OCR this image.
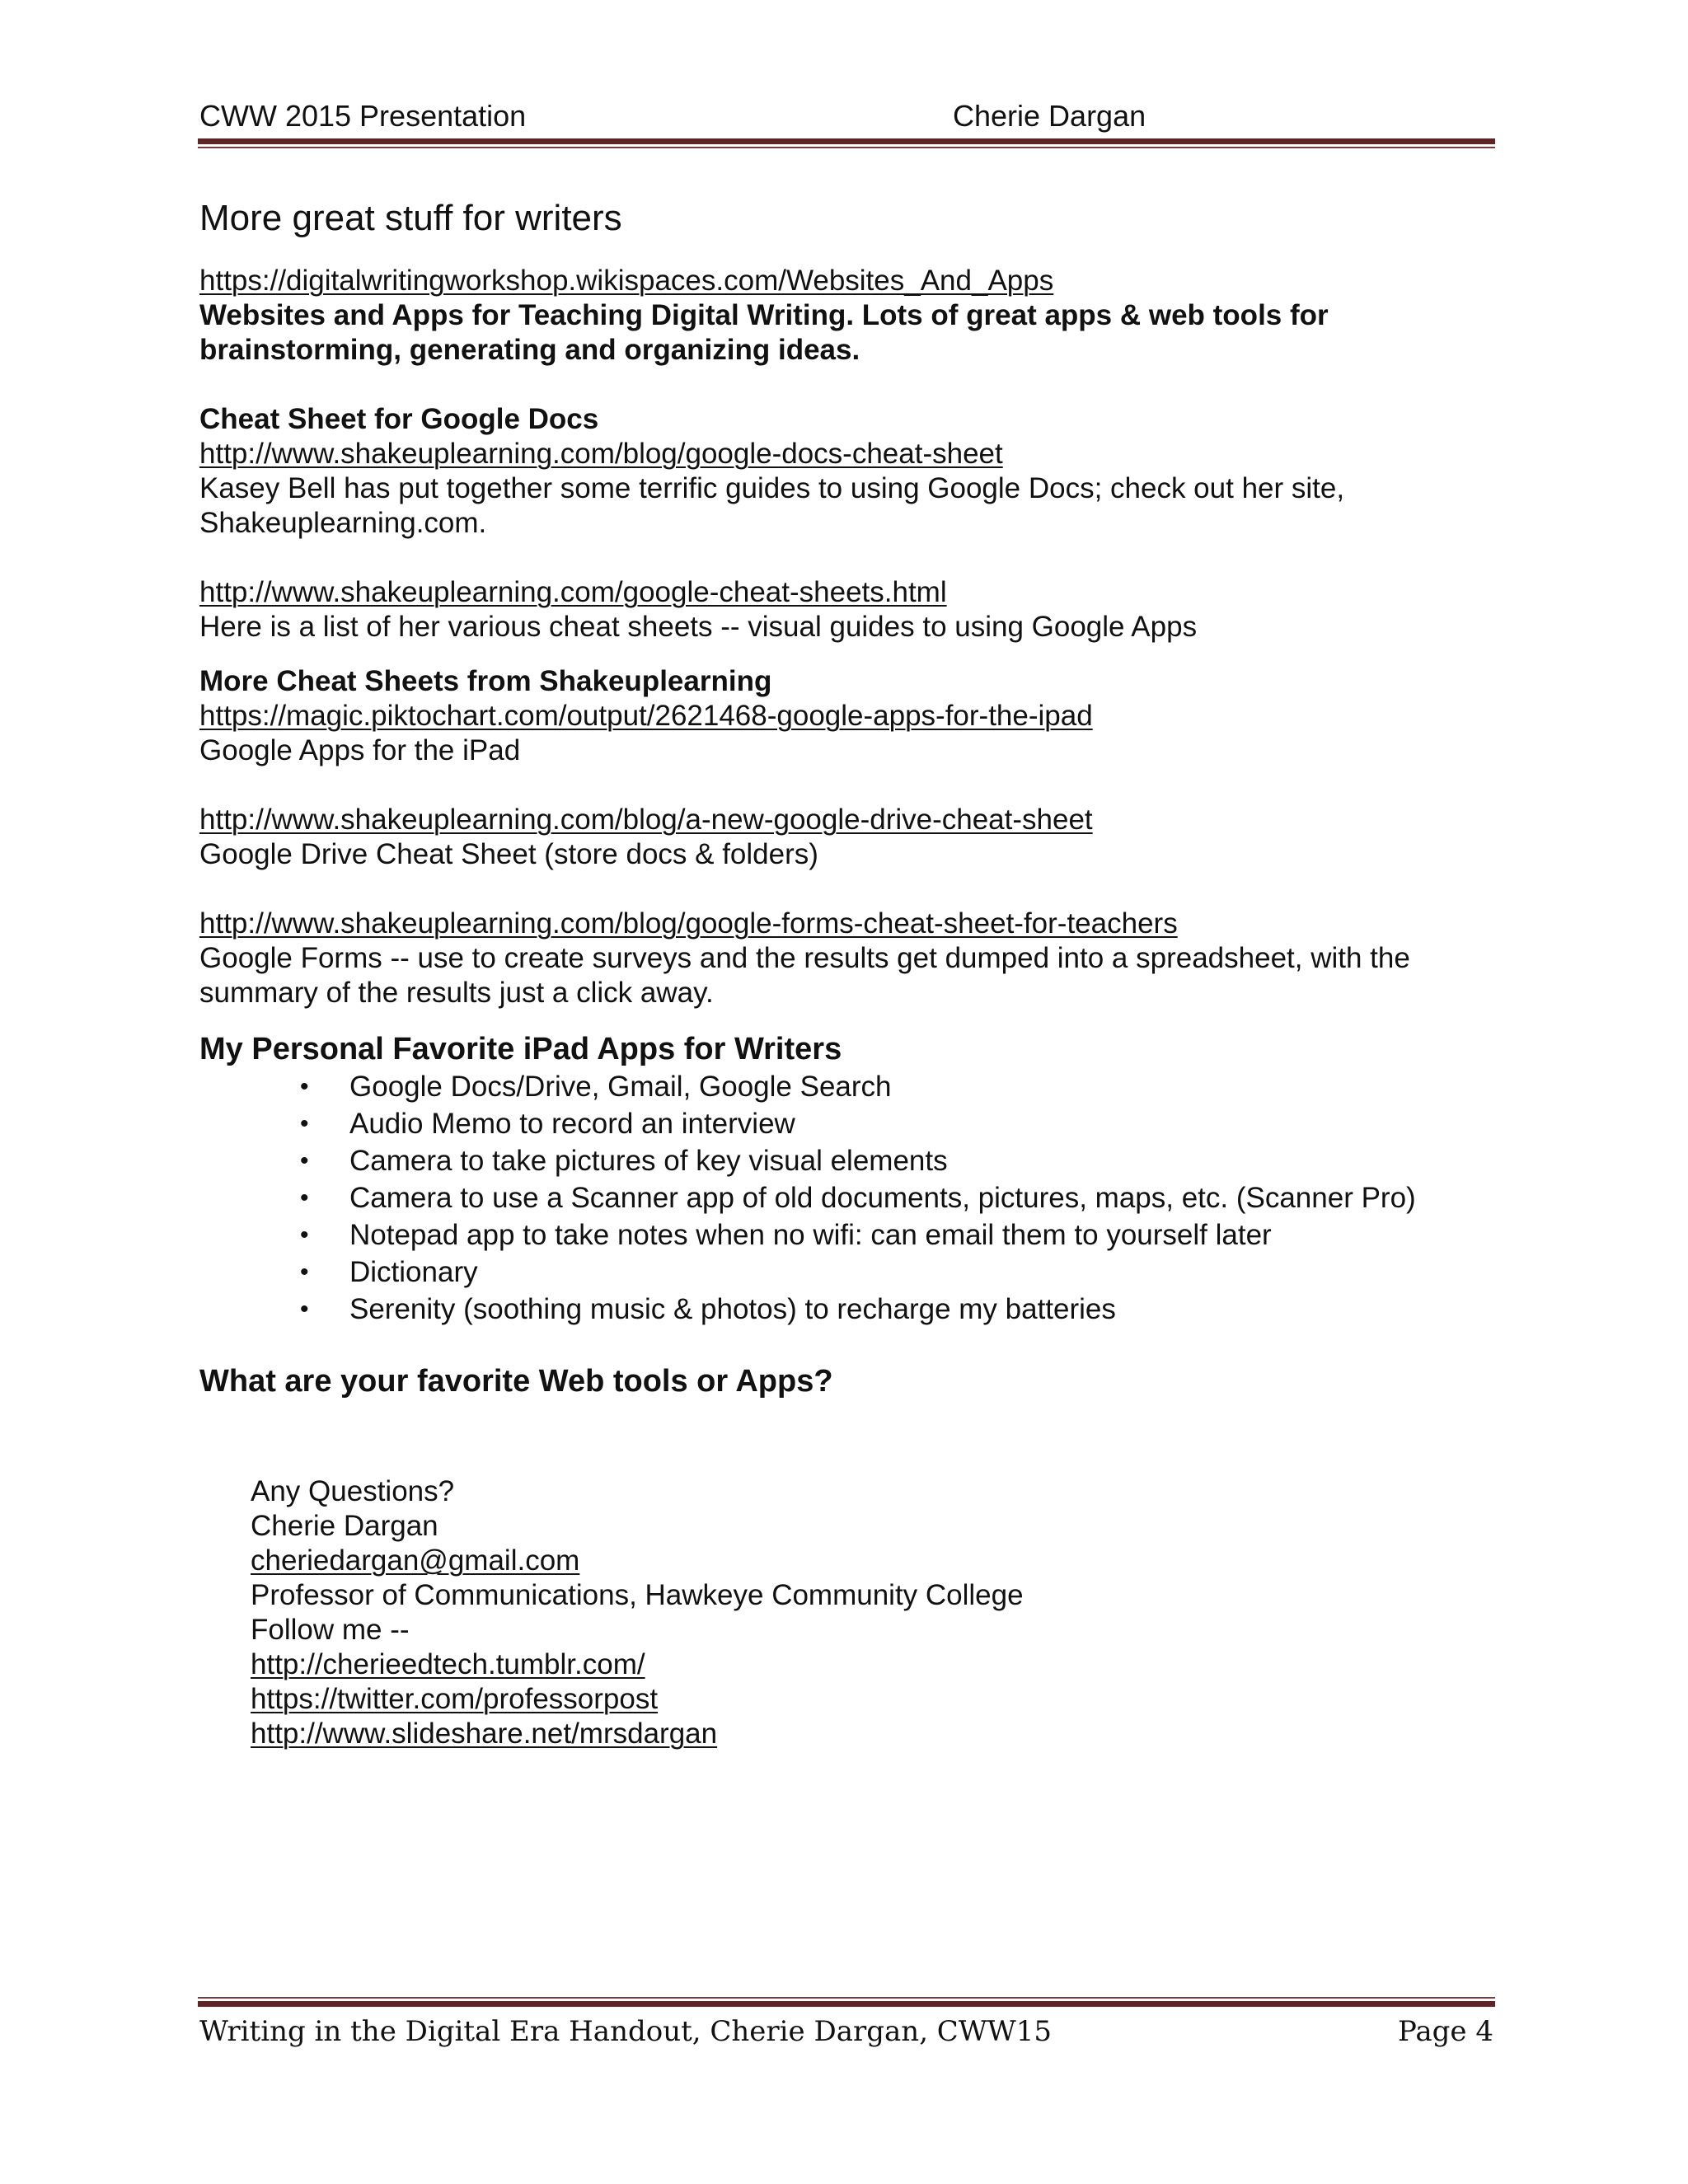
CWW 2015 Presentation	Cherie Dargan

More great stuff for writers

https://digitalwritingworkshop.wikispaces.com/Websites_And_Apps

Websites and Apps for Teaching Digital Writing. Lots of great apps & web tools for brainstorming, generating and organizing ideas.

Cheat Sheet for Google Docs

http://www.shakeuplearning.com/blog/google-docs-cheat-sheet

Kasey Bell has put together some terrific guides to using Google Docs; check out her site, Shakeuplearning.com.

http://www.shakeuplearning.com/google-cheat-sheets.html

Here is a list of her various cheat sheets -- visual guides to using Google Apps

More Cheat Sheets from Shakeuplearning

https://magic.piktochart.com/output/2621468-google-apps-for-the-ipad

Google Apps for the iPad

http://www.shakeuplearning.com/blog/a-new-google-drive-cheat-sheet

Google Drive Cheat Sheet (store docs & folders)

http://www.shakeuplearning.com/blog/google-forms-cheat-sheet-for-teachers

Google Forms -- use to create surveys and the results get dumped into a spreadsheet, with the summary of the results just a click away.

My Personal Favorite iPad Apps for Writers

• Google Docs/Drive, Gmail, Google Search
• Audio Memo to record an interview
• Camera to take pictures of key visual elements
• Camera to use a Scanner app of old documents, pictures, maps, etc. (Scanner Pro)
• Notepad app to take notes when no wifi: can email them to yourself later
• Dictionary
• Serenity (soothing music & photos) to recharge my batteries

What are your favorite Web tools or Apps?

Any Questions?

Cherie Dargan

cheriedargan@gmail.com

Professor of Communications, Hawkeye Community College

Follow me --

http://cherieedtech.tumblr.com/

https://twitter.com/professorpost

http://www.slideshare.net/mrsdargan

Writing in the Digital Era Handout, Cherie Dargan, CWW15	Page 4
